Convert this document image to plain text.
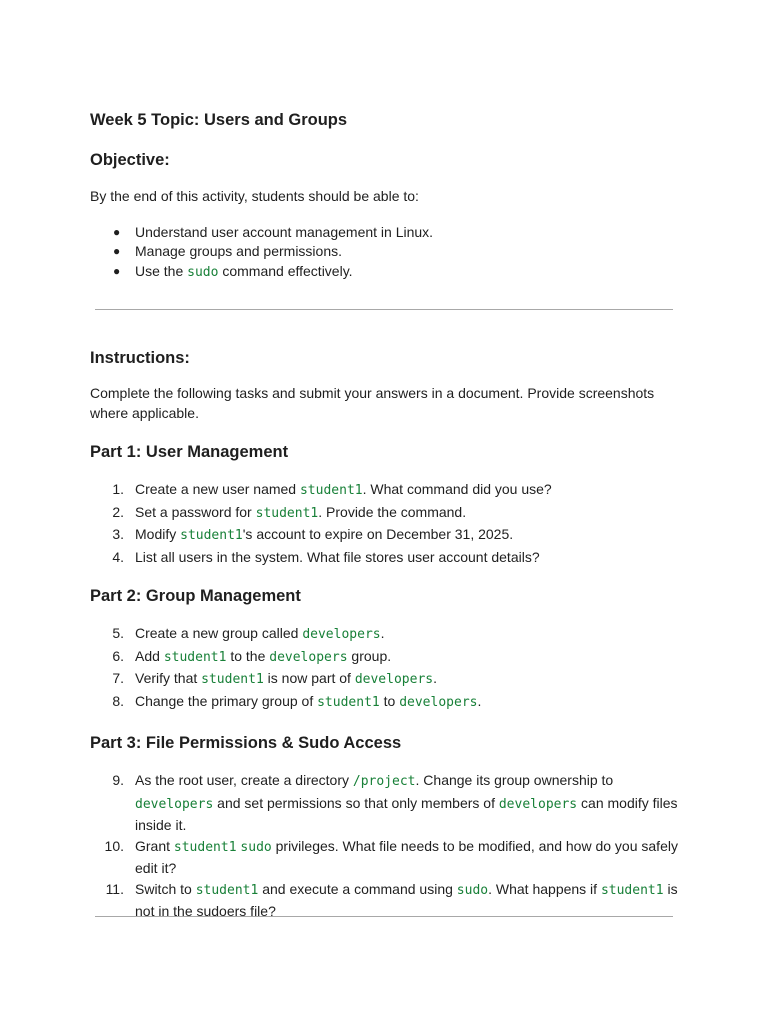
Week 5 Topic: Users and Groups
Objective:

By the end of this activity, students should be able to:

● Understand user account management in Linux.
● Manage groups and permissions.
● Use the sudo command effectively.
Instructions:

Complete the following tasks and submit your answers in a document. Provide screenshots where applicable.

Part 1: User Management
1. Create a new user named student1. What command did you use?
2. Set a password for student1. Provide the command.
3. Modify student1's account to expire on December 31, 2025.
4. List all users in the system. What file stores user account details?
Part 2: Group Management
5. Create a new group called developers.
6. Add student1 to the developers group.
7. Verify that student1 is now part of developers.
8. Change the primary group of student1 to developers.
Part 3: File Permissions & Sudo Access
9. As the root user, create a directory /project. Change its group ownership to developers and set permissions so that only members of developers can modify files inside it.
10. Grant student1 sudo privileges. What file needs to be modified, and how do you safely edit it?
11. Switch to student1 and execute a command using sudo. What happens if student1 is not in the sudoers file?
